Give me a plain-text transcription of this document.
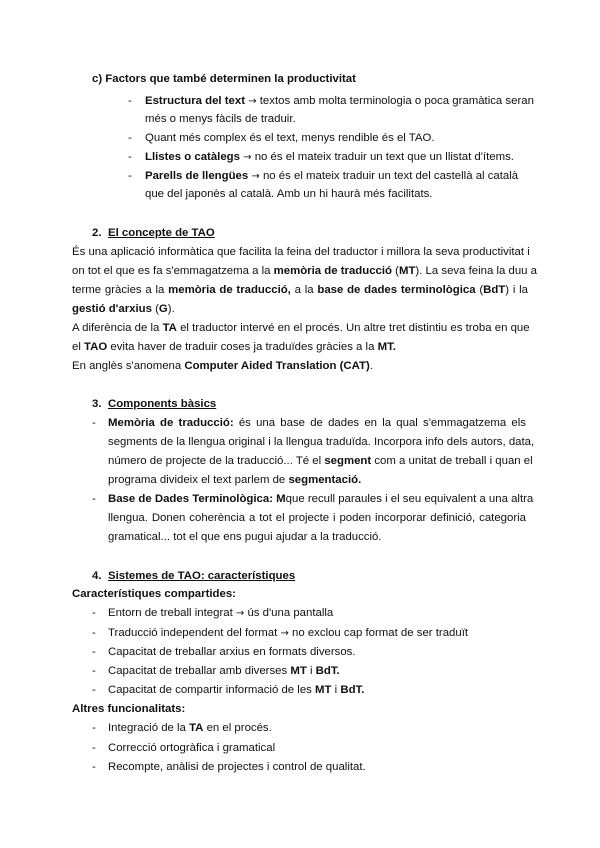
c) Factors que també determinen la productivitat
- Estructura del text → textos amb molta terminologia o poca gramàtica seran
més o menys fàcils de traduir.
- Quant més complex és el text, menys rendible és el TAO.
- Llistes o catàlegs → no és el mateix traduir un text que un llistat d'ítems.
- Parells de llengües → no és el mateix traduir un text del castellà al català
que del japonès al català. Amb un hi haurà més facilitats.
2. El concepte de TAO
És una aplicació informàtica que facilita la feina del traductor i millora la seva productivitat i
on tot el que es fa s'emmagatzema a la memòria de traducció (MT). La seva feina la duu a
terme gràcies a la memòria de traducció, a la base de dades terminològica (BdT) i la
gestió d'arxius (G).
A diferència de la TA el traductor intervé en el procés. Un altre tret distintiu es troba en que
el TAO evita haver de traduir coses ja traduïdes gràcies a la MT.
En anglès s'anomena Computer Aided Translation (CAT).
3. Components bàsics
- Memòria de traducció: és una base de dades en la qual s'emmagatzema els
segments de la llengua original i la llengua traduïda. Incorpora info dels autors, data,
número de projecte de la traducció... Té el segment com a unitat de treball i quan el
programa divideix el text parlem de segmentació.
- Base de Dades Terminològica: Mque recull paraules i el seu equivalent a una altra
llengua. Donen coherència a tot el projecte i poden incorporar definició, categoria
gramatical... tot el que ens pugui ajudar a la traducció.
4. Sistemes de TAO: característiques
Característiques compartides:
- Entorn de treball integrat → ús d'una pantalla
- Traducció independent del format → no exclou cap format de ser traduït
- Capacitat de treballar arxius en formats diversos.
- Capacitat de treballar amb diverses MT i BdT.
- Capacitat de compartir informació de les MT i BdT.
Altres funcionalitats:
- Integració de la TA en el procés.
- Correcció ortogràfica i gramatical
- Recompte, anàlisi de projectes i control de qualitat.
